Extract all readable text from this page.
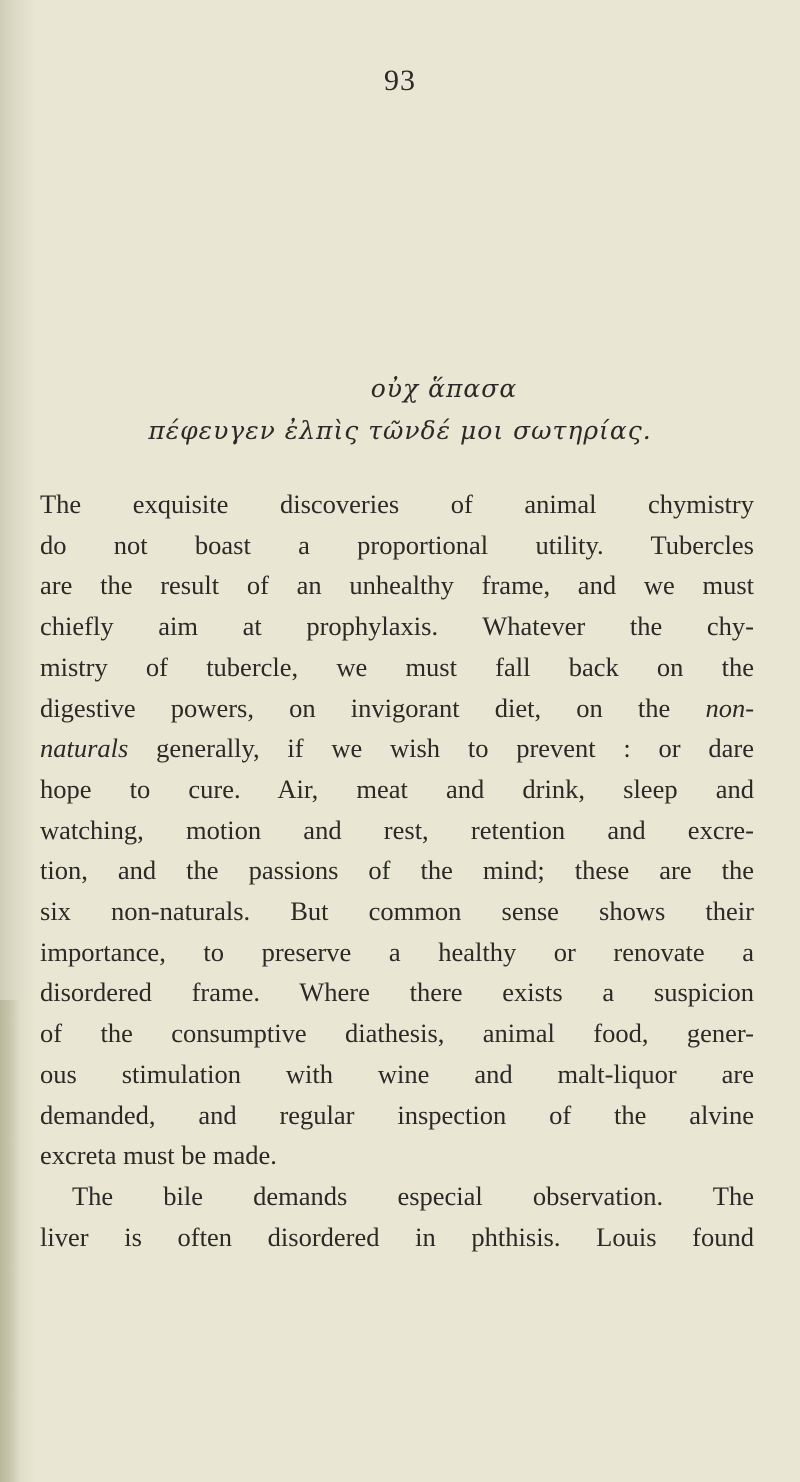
93
οὐχ ἅπασα
πέφευγεν ἐλπὶς τῶνδέ μοι σωτηρίας.
The exquisite discoveries of animal chymistry
do not boast a proportional utility. Tubercles
are the result of an unhealthy frame, and we must
chiefly aim at prophylaxis. Whatever the chy-
mistry of tubercle, we must fall back on the
digestive powers, on invigorant diet, on the non-
naturals generally, if we wish to prevent : or dare
hope to cure. Air, meat and drink, sleep and
watching, motion and rest, retention and excre-
tion, and the passions of the mind; these are the
six non-naturals. But common sense shows their
importance, to preserve a healthy or renovate a
disordered frame. Where there exists a suspicion
of the consumptive diathesis, animal food, gener-
ous stimulation with wine and malt-liquor are
demanded, and regular inspection of the alvine
excreta must be made.
The bile demands especial observation. The
liver is often disordered in phthisis. Louis found
